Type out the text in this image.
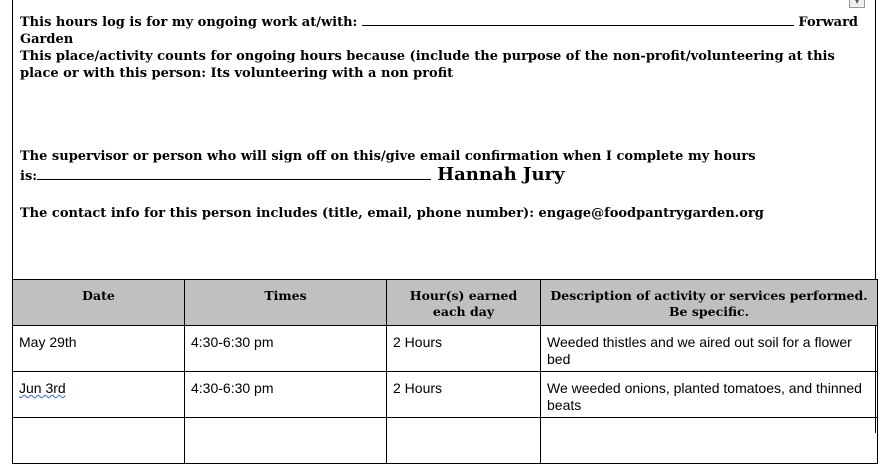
▾

This hours log is for my ongoing work at/with:	Forward Garden

This place/activity counts for ongoing hours because (include the purpose of the non-profit/volunteering at this place or with this person: Its volunteering with a non profit

The supervisor or person who will sign off on this/give email confirmation when I complete my hours
is:	Hannah Jury
The contact info for this person includes (title, email, phone number): engage@foodpantrygarden.org
Date	Times	Hour(s) earned each day	Description of activity or services performed. Be specific.
May 29th	4:30-6:30 pm	2 Hours	Weeded thistles and we aired out soil for a flower bed
Jun 3rd	4:30-6:30 pm	2 Hours	We weeded onions, planted tomatoes, and thinned beats
